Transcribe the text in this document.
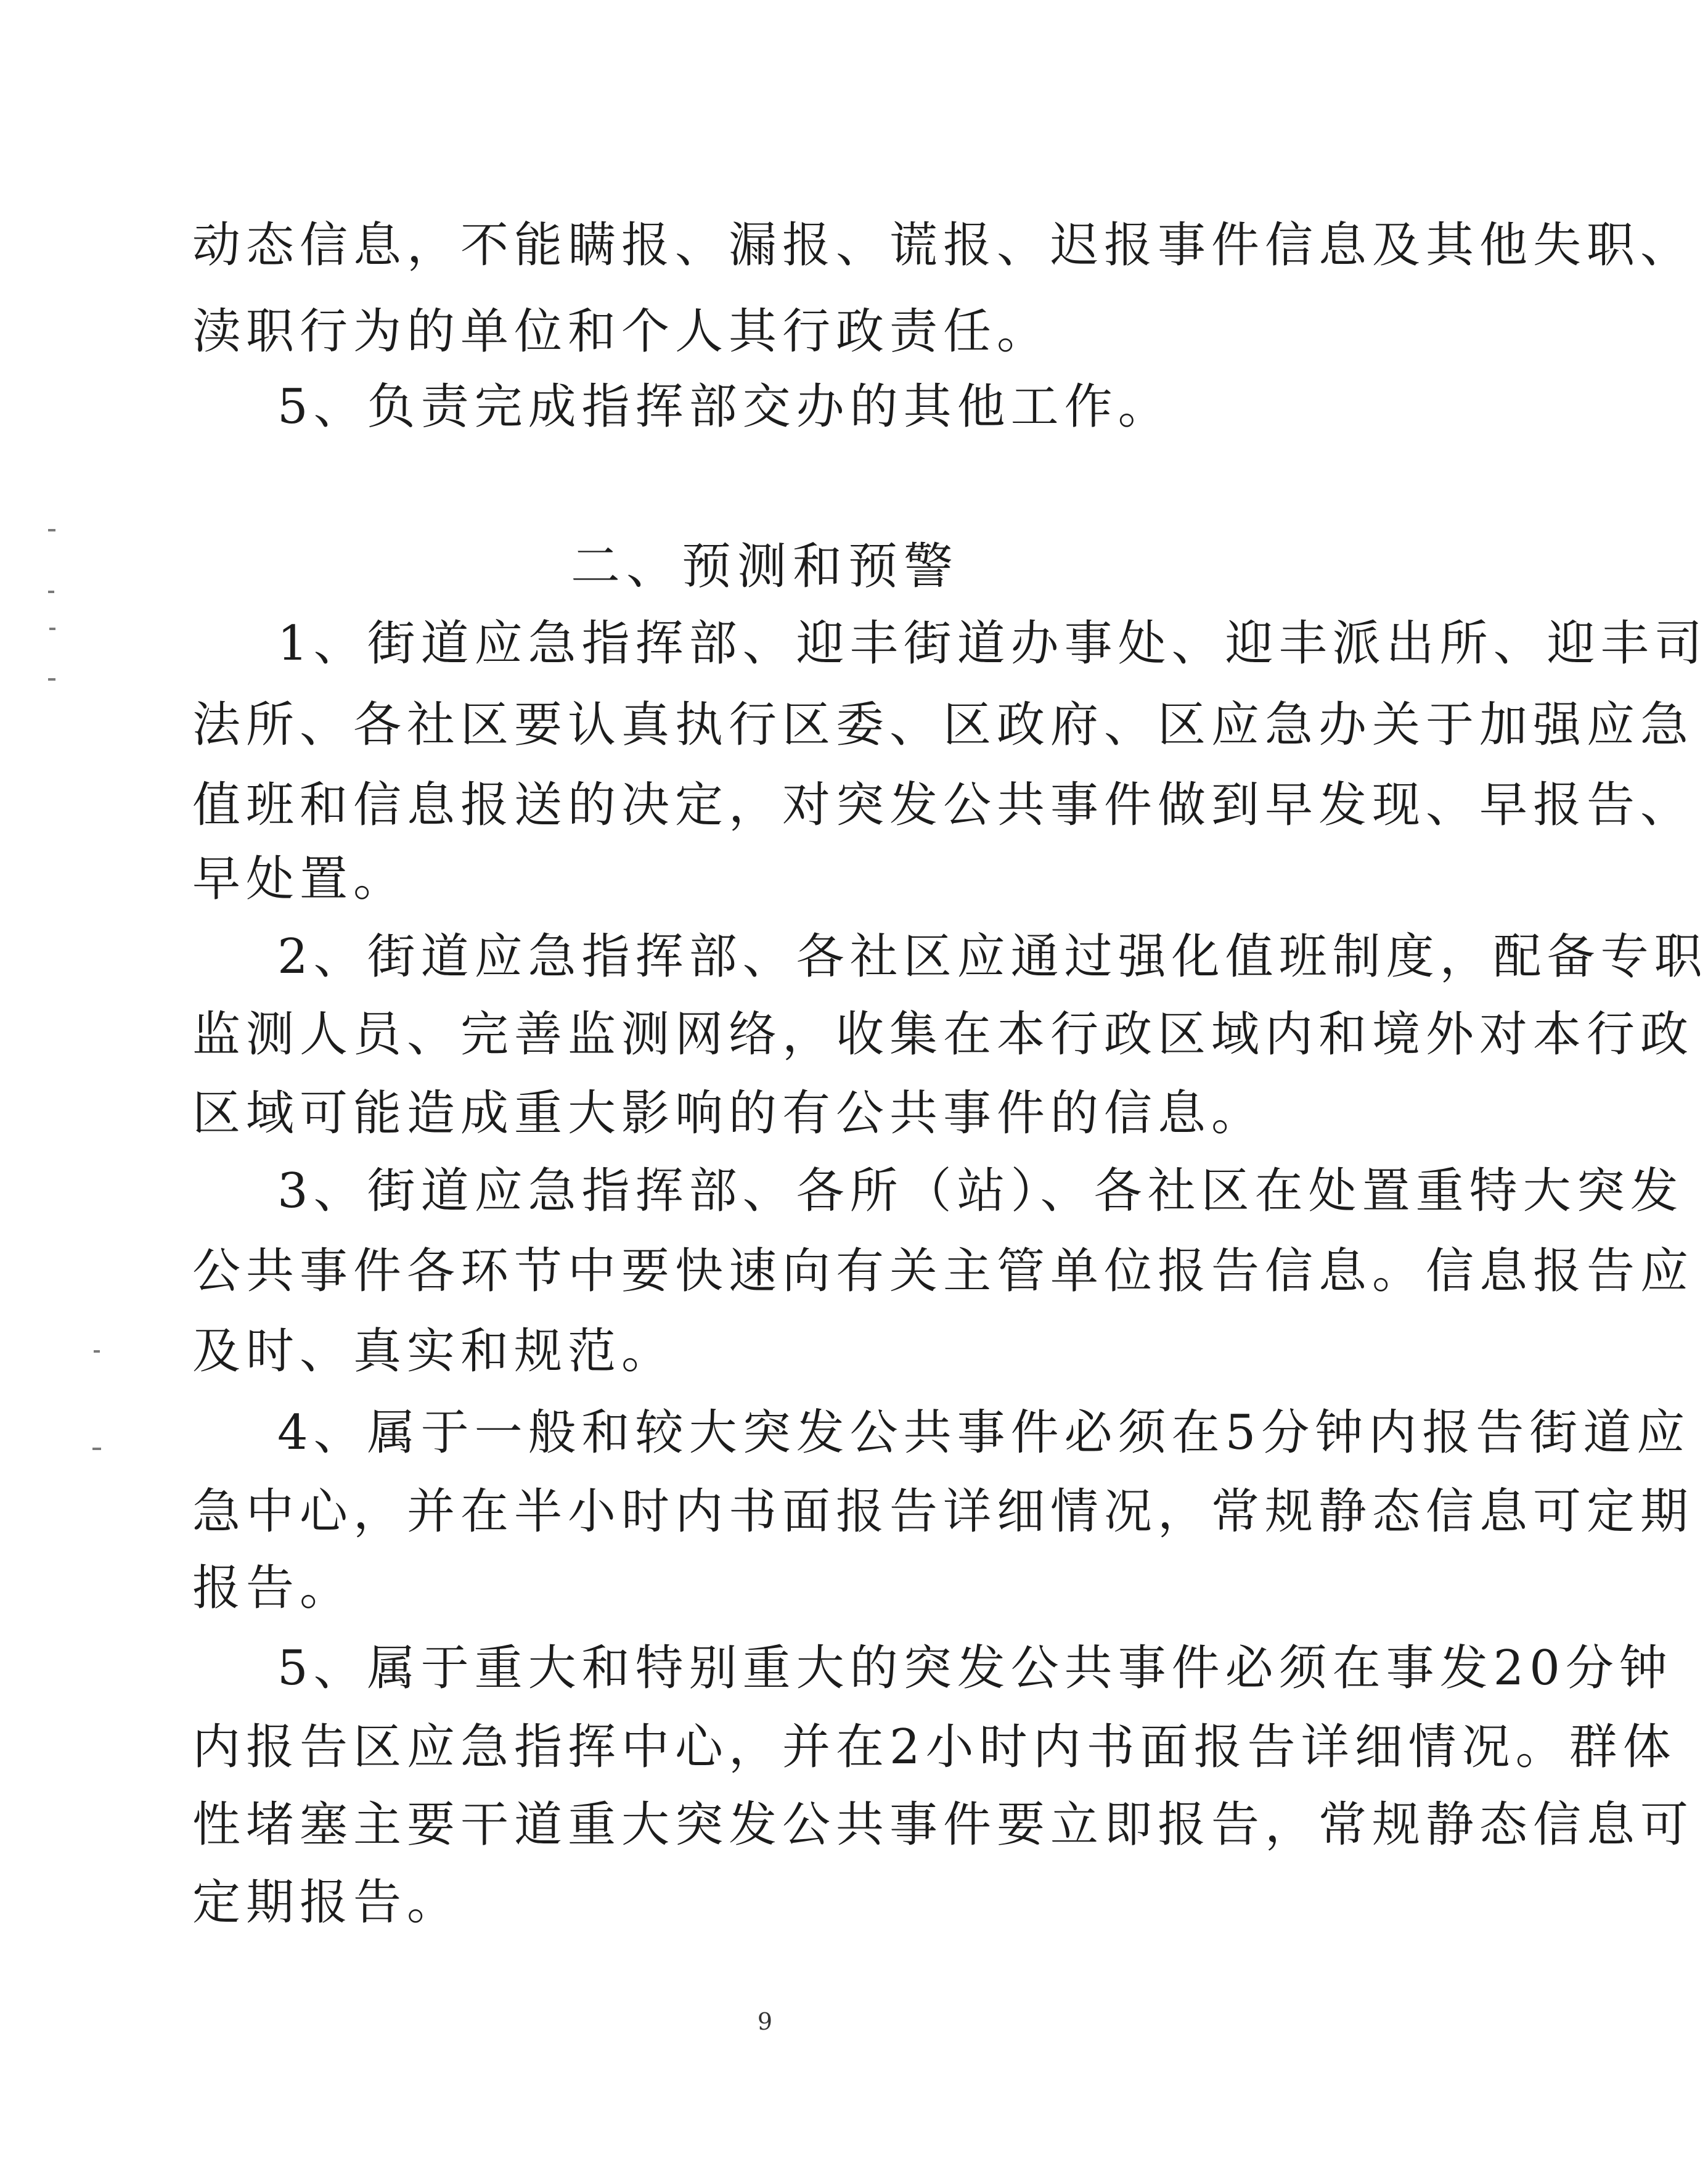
动态信息，不能瞒报、漏报、谎报、迟报事件信息及其他失职、
渎职行为的单位和个人其行政责任。
5、负责完成指挥部交办的其他工作。
二、预测和预警
1、街道应急指挥部、迎丰街道办事处、迎丰派出所、迎丰司
法所、各社区要认真执行区委、区政府、区应急办关于加强应急
值班和信息报送的决定，对突发公共事件做到早发现、早报告、
早处置。
2、街道应急指挥部、各社区应通过强化值班制度，配备专职
监测人员、完善监测网络，收集在本行政区域内和境外对本行政
区域可能造成重大影响的有公共事件的信息。
3、街道应急指挥部、各所（站）、各社区在处置重特大突发
公共事件各环节中要快速向有关主管单位报告信息。信息报告应
及时、真实和规范。
4、属于一般和较大突发公共事件必须在5分钟内报告街道应
急中心，并在半小时内书面报告详细情况，常规静态信息可定期
报告。
5、属于重大和特别重大的突发公共事件必须在事发20分钟
内报告区应急指挥中心，并在2小时内书面报告详细情况。群体
性堵塞主要干道重大突发公共事件要立即报告，常规静态信息可
定期报告。
9
